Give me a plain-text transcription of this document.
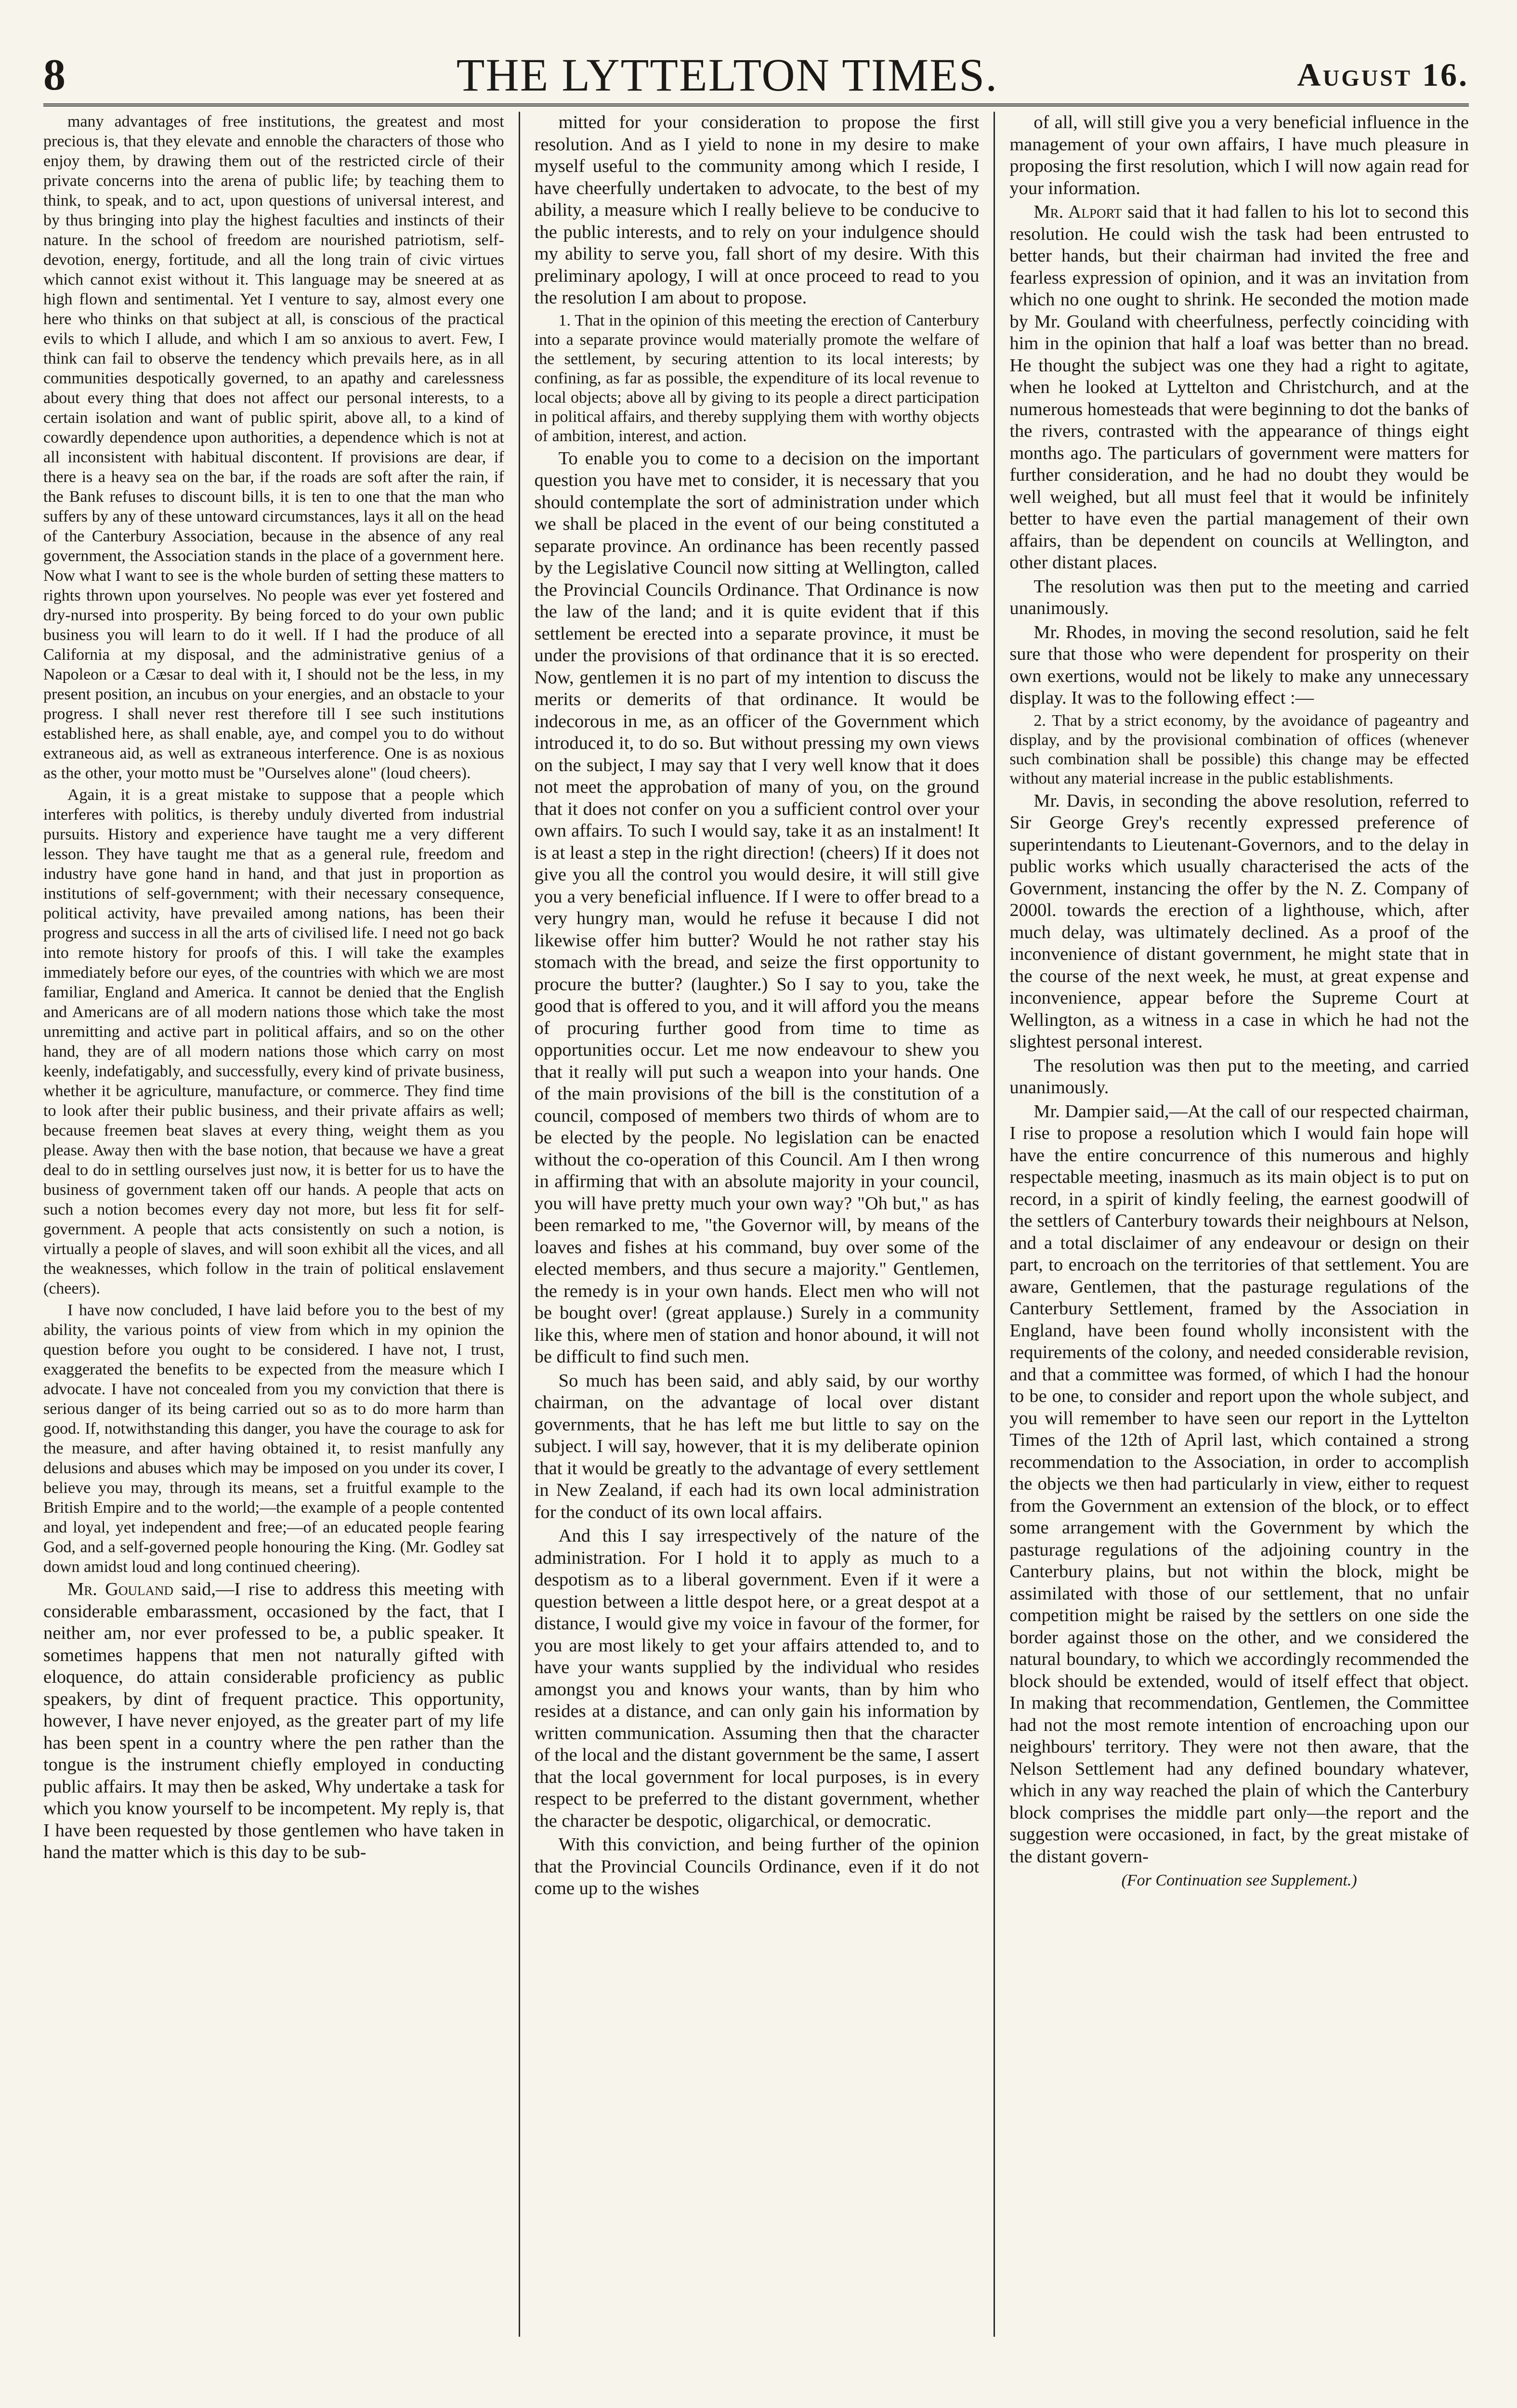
8	THE LYTTELTON TIMES.	August 16.

many advantages of free institutions, the greatest and most precious is, that they elevate and ennoble the characters of those who enjoy them, by drawing them out of the restricted circle of their private concerns into the arena of public life; by teaching them to think, to speak, and to act, upon questions of universal interest, and by thus bringing into play the highest faculties and instincts of their nature. In the school of freedom are nourished patriotism, self-devotion, energy, fortitude, and all the long train of civic virtues which cannot exist without it. This language may be sneered at as high flown and sentimental. Yet I venture to say, almost every one here who thinks on that subject at all, is conscious of the practical evils to which I allude, and which I am so anxious to avert. Few, I think can fail to observe the tendency which prevails here, as in all communities despotically governed, to an apathy and carelessness about every thing that does not affect our personal interests, to a certain isolation and want of public spirit, above all, to a kind of cowardly dependence upon authorities, a dependence which is not at all inconsistent with habitual discontent. If provisions are dear, if there is a heavy sea on the bar, if the roads are soft after the rain, if the Bank refuses to discount bills, it is ten to one that the man who suffers by any of these untoward circumstances, lays it all on the head of the Canterbury Association, because in the absence of any real government, the Association stands in the place of a government here. Now what I want to see is the whole burden of setting these matters to rights thrown upon yourselves. No people was ever yet fostered and dry-nursed into prosperity. By being forced to do your own public business you will learn to do it well. If I had the produce of all California at my disposal, and the administrative genius of a Napoleon or a Cæsar to deal with it, I should not be the less, in my present position, an incubus on your energies, and an obstacle to your progress. I shall never rest therefore till I see such institutions established here, as shall enable, aye, and compel you to do without extraneous aid, as well as extraneous interference. One is as noxious as the other, your motto must be "Ourselves alone" (loud cheers).

Again, it is a great mistake to suppose that a people which interferes with politics, is thereby unduly diverted from industrial pursuits. History and experience have taught me a very different lesson. They have taught me that as a general rule, freedom and industry have gone hand in hand, and that just in proportion as institutions of self-government; with their necessary consequence, political activity, have prevailed among nations, has been their progress and success in all the arts of civilised life. I need not go back into remote history for proofs of this. I will take the examples immediately before our eyes, of the countries with which we are most familiar, England and America. It cannot be denied that the English and Americans are of all modern nations those which take the most unremitting and active part in political affairs, and so on the other hand, they are of all modern nations those which carry on most keenly, indefatigably, and successfully, every kind of private business, whether it be agriculture, manufacture, or commerce. They find time to look after their public business, and their private affairs as well; because freemen beat slaves at every thing, weight them as you please. Away then with the base notion, that because we have a great deal to do in settling ourselves just now, it is better for us to have the business of government taken off our hands. A people that acts on such a notion becomes every day not more, but less fit for self-government. A people that acts consistently on such a notion, is virtually a people of slaves, and will soon exhibit all the vices, and all the weaknesses, which follow in the train of political enslavement (cheers).

I have now concluded, I have laid before you to the best of my ability, the various points of view from which in my opinion the question before you ought to be considered. I have not, I trust, exaggerated the benefits to be expected from the measure which I advocate. I have not concealed from you my conviction that there is serious danger of its being carried out so as to do more harm than good. If, notwithstanding this danger, you have the courage to ask for the measure, and after having obtained it, to resist manfully any delusions and abuses which may be imposed on you under its cover, I believe you may, through its means, set a fruitful example to the British Empire and to the world;—the example of a people contented and loyal, yet independent and free;—of an educated people fearing God, and a self-governed people honouring the King. (Mr. Godley sat down amidst loud and long continued cheering).

Mr. Gouland said,—I rise to address this meeting with considerable embarassment, occasioned by the fact, that I neither am, nor ever professed to be, a public speaker. It sometimes happens that men not naturally gifted with eloquence, do attain considerable proficiency as public speakers, by dint of frequent practice. This opportunity, however, I have never enjoyed, as the greater part of my life has been spent in a country where the pen rather than the tongue is the instrument chiefly employed in conducting public affairs. It may then be asked, Why undertake a task for which you know yourself to be incompetent. My reply is, that I have been requested by those gentlemen who have taken in hand the matter which is this day to be sub-

mitted for your consideration to propose the first resolution. And as I yield to none in my desire to make myself useful to the community among which I reside, I have cheerfully undertaken to advocate, to the best of my ability, a measure which I really believe to be conducive to the public interests, and to rely on your indulgence should my ability to serve you, fall short of my desire. With this preliminary apology, I will at once proceed to read to you the resolution I am about to propose.

1. That in the opinion of this meeting the erection of Canterbury into a separate province would materially promote the welfare of the settlement, by securing attention to its local interests; by confining, as far as possible, the expenditure of its local revenue to local objects; above all by giving to its people a direct participation in political affairs, and thereby supplying them with worthy objects of ambition, interest, and action.

To enable you to come to a decision on the important question you have met to consider, it is necessary that you should contemplate the sort of administration under which we shall be placed in the event of our being constituted a separate province. An ordinance has been recently passed by the Legislative Council now sitting at Wellington, called the Provincial Councils Ordinance. That Ordinance is now the law of the land; and it is quite evident that if this settlement be erected into a separate province, it must be under the provisions of that ordinance that it is so erected. Now, gentlemen it is no part of my intention to discuss the merits or demerits of that ordinance. It would be indecorous in me, as an officer of the Government which introduced it, to do so. But without pressing my own views on the subject, I may say that I very well know that it does not meet the approbation of many of you, on the ground that it does not confer on you a sufficient control over your own affairs. To such I would say, take it as an instalment! It is at least a step in the right direction! (cheers) If it does not give you all the control you would desire, it will still give you a very beneficial influence. If I were to offer bread to a very hungry man, would he refuse it because I did not likewise offer him butter? Would he not rather stay his stomach with the bread, and seize the first opportunity to procure the butter? (laughter.) So I say to you, take the good that is offered to you, and it will afford you the means of procuring further good from time to time as opportunities occur. Let me now endeavour to shew you that it really will put such a weapon into your hands. One of the main provisions of the bill is the constitution of a council, composed of members two thirds of whom are to be elected by the people. No legislation can be enacted without the co-operation of this Council. Am I then wrong in affirming that with an absolute majority in your council, you will have pretty much your own way? "Oh but," as has been remarked to me, "the Governor will, by means of the loaves and fishes at his command, buy over some of the elected members, and thus secure a majority." Gentlemen, the remedy is in your own hands. Elect men who will not be bought over! (great applause.) Surely in a community like this, where men of station and honor abound, it will not be difficult to find such men.

So much has been said, and ably said, by our worthy chairman, on the advantage of local over distant governments, that he has left me but little to say on the subject. I will say, however, that it is my deliberate opinion that it would be greatly to the advantage of every settlement in New Zealand, if each had its own local administration for the conduct of its own local affairs.

And this I say irrespectively of the nature of the administration. For I hold it to apply as much to a despotism as to a liberal government. Even if it were a question between a little despot here, or a great despot at a distance, I would give my voice in favour of the former, for you are most likely to get your affairs attended to, and to have your wants supplied by the individual who resides amongst you and knows your wants, than by him who resides at a distance, and can only gain his information by written communication. Assuming then that the character of the local and the distant government be the same, I assert that the local government for local purposes, is in every respect to be preferred to the distant government, whether the character be despotic, oligarchical, or democratic.

With this conviction, and being further of the opinion that the Provincial Councils Ordinance, even if it do not come up to the wishes

of all, will still give you a very beneficial influence in the management of your own affairs, I have much pleasure in proposing the first resolution, which I will now again read for your information.

Mr. Alport said that it had fallen to his lot to second this resolution. He could wish the task had been entrusted to better hands, but their chairman had invited the free and fearless expression of opinion, and it was an invitation from which no one ought to shrink. He seconded the motion made by Mr. Gouland with cheerfulness, perfectly coinciding with him in the opinion that half a loaf was better than no bread. He thought the subject was one they had a right to agitate, when he looked at Lyttelton and Christchurch, and at the numerous homesteads that were beginning to dot the banks of the rivers, contrasted with the appearance of things eight months ago. The particulars of government were matters for further consideration, and he had no doubt they would be well weighed, but all must feel that it would be infinitely better to have even the partial management of their own affairs, than be dependent on councils at Wellington, and other distant places.

The resolution was then put to the meeting and carried unanimously.

Mr. Rhodes, in moving the second resolution, said he felt sure that those who were dependent for prosperity on their own exertions, would not be likely to make any unnecessary display. It was to the following effect :—

2. That by a strict economy, by the avoidance of pageantry and display, and by the provisional combination of offices (whenever such combination shall be possible) this change may be effected without any material increase in the public establishments.

Mr. Davis, in seconding the above resolution, referred to Sir George Grey's recently expressed preference of superintendants to Lieutenant-Governors, and to the delay in public works which usually characterised the acts of the Government, instancing the offer by the N. Z. Company of 2000l. towards the erection of a lighthouse, which, after much delay, was ultimately declined. As a proof of the inconvenience of distant government, he might state that in the course of the next week, he must, at great expense and inconvenience, appear before the Supreme Court at Wellington, as a witness in a case in which he had not the slightest personal interest.

The resolution was then put to the meeting, and carried unanimously.

Mr. Dampier said,—At the call of our respected chairman, I rise to propose a resolution which I would fain hope will have the entire concurrence of this numerous and highly respectable meeting, inasmuch as its main object is to put on record, in a spirit of kindly feeling, the earnest goodwill of the settlers of Canterbury towards their neighbours at Nelson, and a total disclaimer of any endeavour or design on their part, to encroach on the territories of that settlement. You are aware, Gentlemen, that the pasturage regulations of the Canterbury Settlement, framed by the Association in England, have been found wholly inconsistent with the requirements of the colony, and needed considerable revision, and that a committee was formed, of which I had the honour to be one, to consider and report upon the whole subject, and you will remember to have seen our report in the Lyttelton Times of the 12th of April last, which contained a strong recommendation to the Association, in order to accomplish the objects we then had particularly in view, either to request from the Government an extension of the block, or to effect some arrangement with the Government by which the pasturage regulations of the adjoining country in the Canterbury plains, but not within the block, might be assimilated with those of our settlement, that no unfair competition might be raised by the settlers on one side the border against those on the other, and we considered the natural boundary, to which we accordingly recommended the block should be extended, would of itself effect that object. In making that recommendation, Gentlemen, the Committee had not the most remote intention of encroaching upon our neighbours' territory. They were not then aware, that the Nelson Settlement had any defined boundary whatever, which in any way reached the plain of which the Canterbury block comprises the middle part only—the report and the suggestion were occasioned, in fact, by the great mistake of the distant govern-

(For Continuation see Supplement.)
